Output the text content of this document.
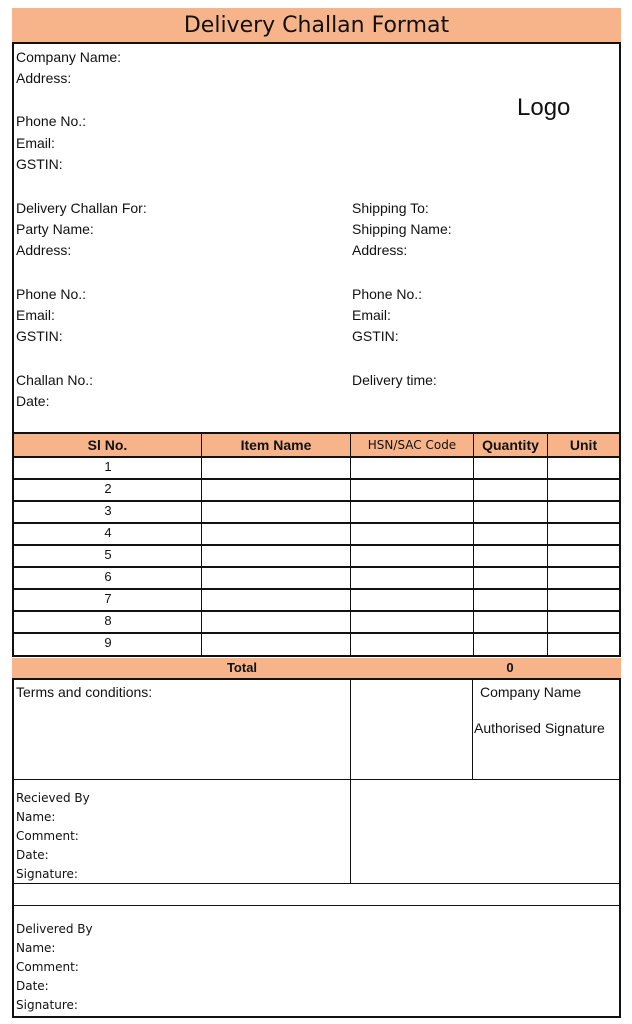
Delivery Challan Format
Company Name:
Address:
Phone No.:
Email:
GSTIN:
Logo
Delivery Challan For:
Party Name:
Address:
Phone No.:
Email:
GSTIN:
Shipping To:
Shipping Name:
Address:
Phone No.:
Email:
GSTIN:
Challan No.:
Date:
Delivery time:
Sl No.	Item Name	HSN/SAC Code	Quantity	Unit
1
2
3
4
5
6
7
8
9
Total	0
Terms and conditions:	Company Name
Authorised Signature
Recieved By
Name:
Comment:
Date:
Signature:
Delivered By
Name:
Comment:
Date:
Signature:
